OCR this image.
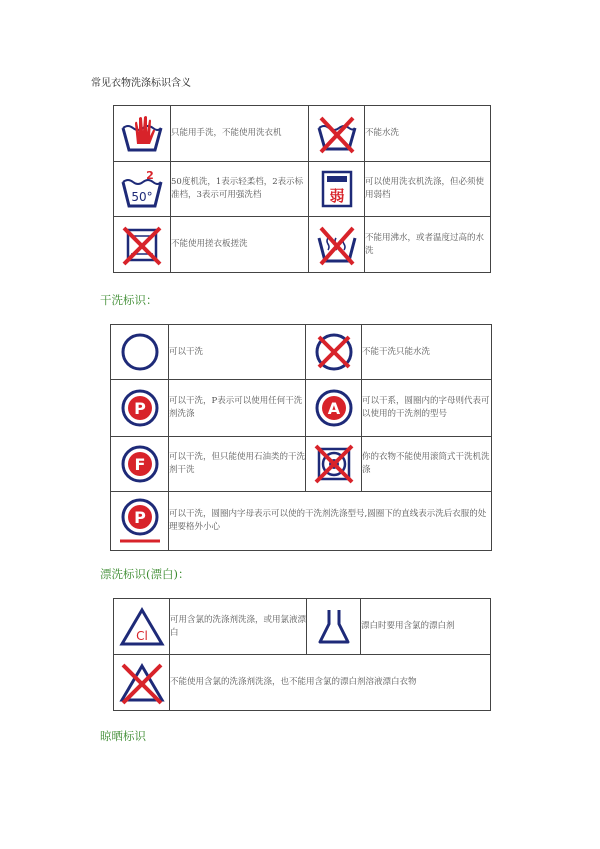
常见衣物洗涤标识含义
	只能用手洗，不能使用洗衣机		不能水洗

2
50°	50度机洗，1表示轻柔档，2表示标准档，3表示可用强洗档	弱	可以使用洗衣机洗涤，但必须使用弱档

	不能使用搓衣板搓洗		不能用沸水，或者温度过高的水洗
干洗标识：
	可以干洗		不能干洗只能水洗

P	可以干洗，P表示可以使用任何干洗剂洗涤	A	可以干系，圆圈内的字母则代表可以使用的干洗剂的型号

F	可以干洗，但只能使用石油类的干洗剂干洗		你的衣物不能使用滚筒式干洗机洗涤

P	可以干洗，圆圈内字母表示可以使的干洗剂洗涤型号,圆圈下的直线表示洗后衣服的处理要格外小心		
漂洗标识(漂白)：
Cl	可用含氯的洗涤剂洗涤，或用氯液漂白		漂白时要用含氯的漂白剂

	不能使用含氯的洗涤剂洗涤，也不能用含氯的漂白剂溶液漂白衣物		
晾晒标识
